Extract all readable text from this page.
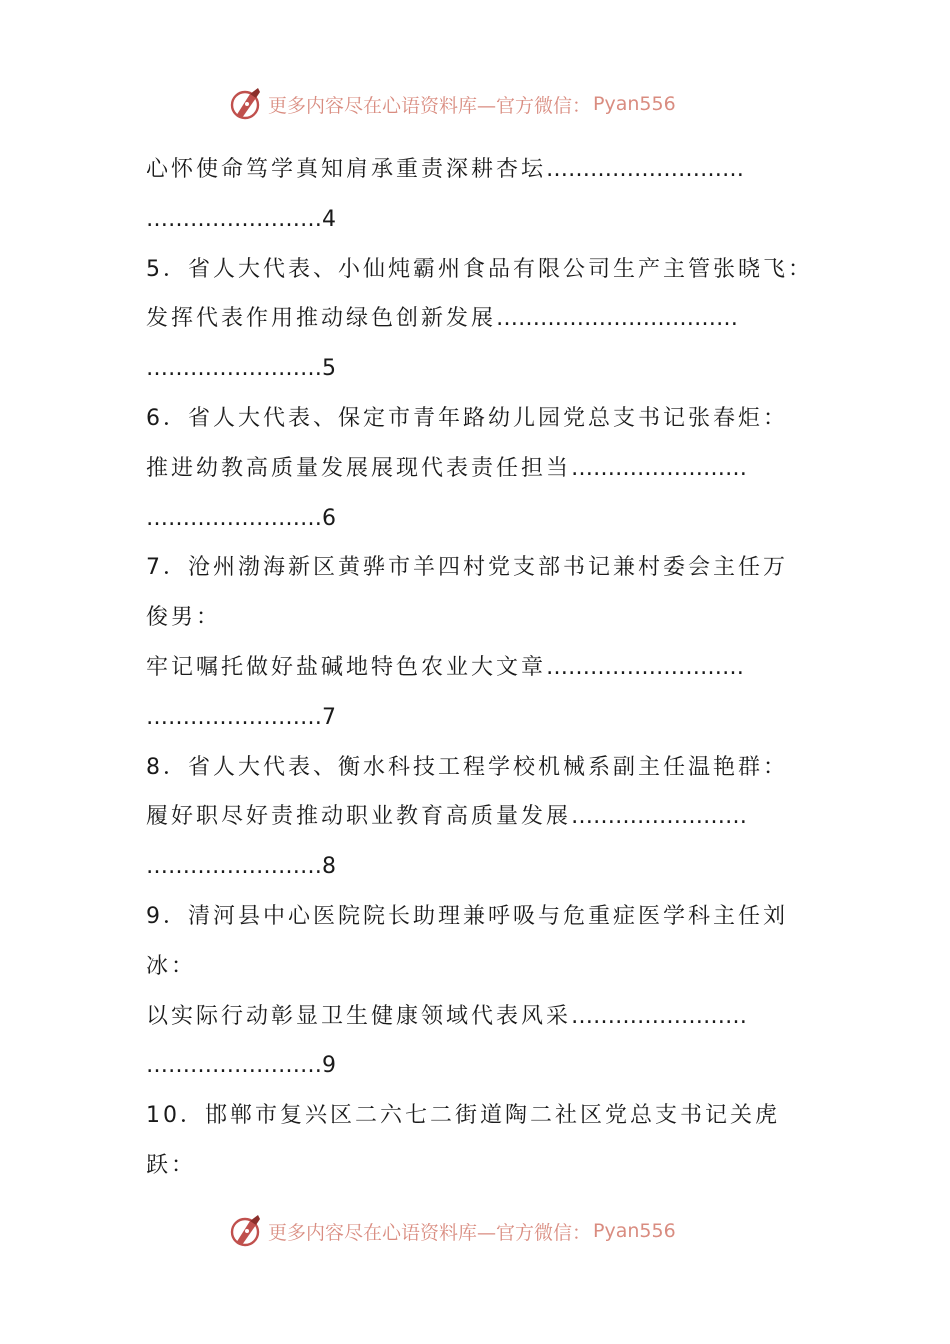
更多内容尽在心语资料库—官方微信： Pyan556
心怀使命笃学真知肩承重责深耕杏坛………………………
……………………4
5．省人大代表、小仙炖霸州食品有限公司生产主管张晓飞：
发挥代表作用推动绿色创新发展……………………………
……………………5
6．省人大代表、保定市青年路幼儿园党总支书记张春炬：
推进幼教高质量发展展现代表责任担当……………………
……………………6
7．沧州渤海新区黄骅市羊四村党支部书记兼村委会主任万
俊男：
牢记嘱托做好盐碱地特色农业大文章………………………
……………………7
8．省人大代表、衡水科技工程学校机械系副主任温艳群：
履好职尽好责推动职业教育高质量发展……………………
……………………8
9．清河县中心医院院长助理兼呼吸与危重症医学科主任刘
冰：
以实际行动彰显卫生健康领域代表风采……………………
……………………9
10．邯郸市复兴区二六七二街道陶二社区党总支书记关虎
跃：
更多内容尽在心语资料库—官方微信： Pyan556
